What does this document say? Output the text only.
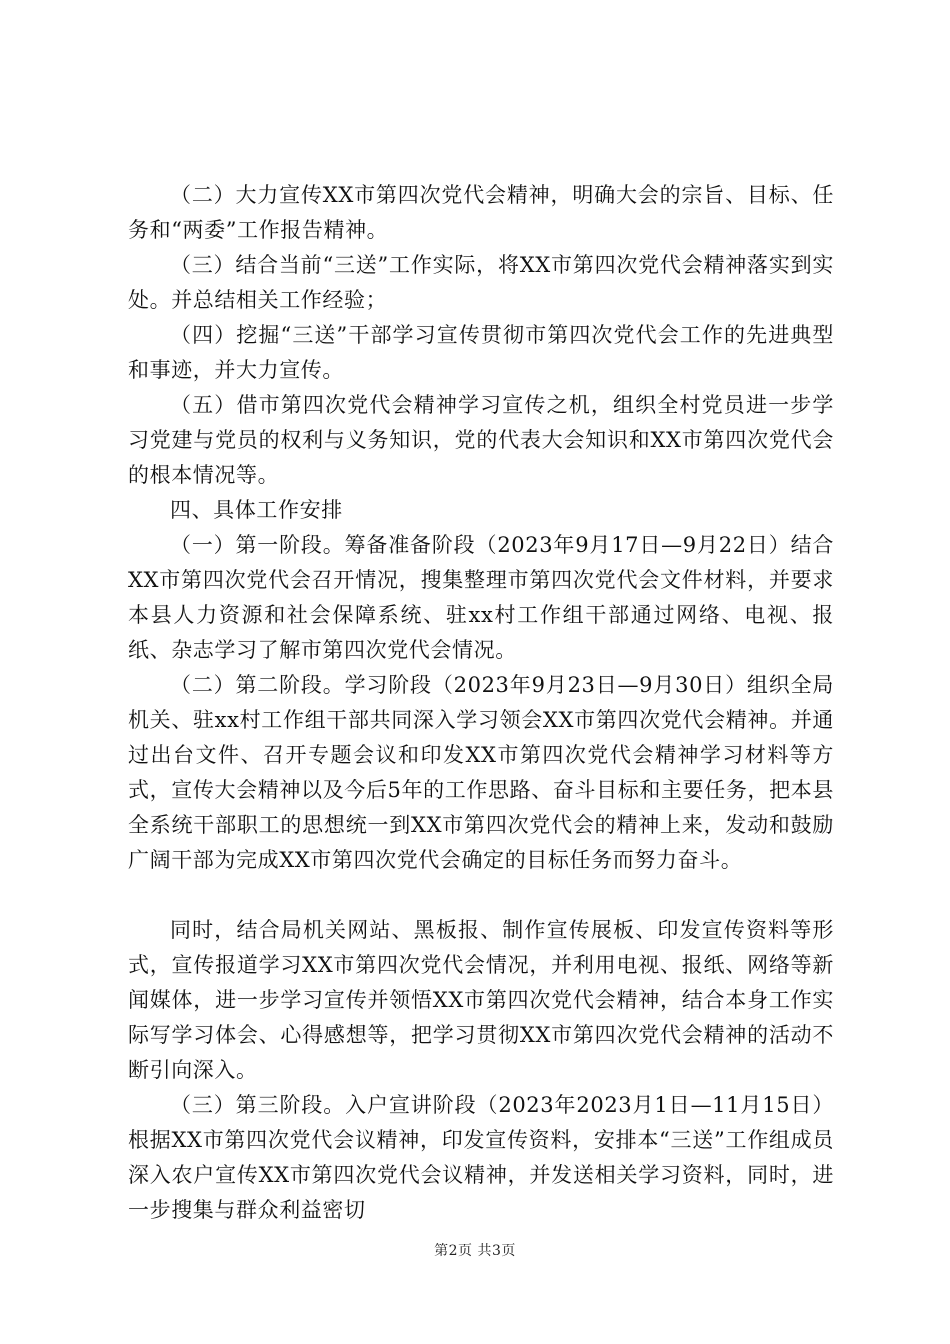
（二）大力宣传XX市第四次党代会精神，明确大会的宗旨、目标、任务和“两委”工作报告精神。

（三）结合当前“三送”工作实际，将XX市第四次党代会精神落实到实处。并总结相关工作经验；

（四）挖掘“三送”干部学习宣传贯彻市第四次党代会工作的先进典型和事迹，并大力宣传。

（五）借市第四次党代会精神学习宣传之机，组织全村党员进一步学习党建与党员的权利与义务知识，党的代表大会知识和XX市第四次党代会的根本情况等。

四、具体工作安排

（一）第一阶段。筹备准备阶段（2023年9月17日—9月22日）结合XX市第四次党代会召开情况，搜集整理市第四次党代会文件材料，并要求本县人力资源和社会保障系统、驻xx村工作组干部通过网络、电视、报纸、杂志学习了解市第四次党代会情况。

（二）第二阶段。学习阶段（2023年9月23日—9月30日）组织全局机关、驻xx村工作组干部共同深入学习领会XX市第四次党代会精神。并通过出台文件、召开专题会议和印发XX市第四次党代会精神学习材料等方式，宣传大会精神以及今后5年的工作思路、奋斗目标和主要任务，把本县全系统干部职工的思想统一到XX市第四次党代会的精神上来，发动和鼓励广阔干部为完成XX市第四次党代会确定的目标任务而努力奋斗。

同时，结合局机关网站、黑板报、制作宣传展板、印发宣传资料等形式，宣传报道学习XX市第四次党代会情况，并利用电视、报纸、网络等新闻媒体，进一步学习宣传并领悟XX市第四次党代会精神，结合本身工作实际写学习体会、心得感想等，把学习贯彻XX市第四次党代会精神的活动不断引向深入。

（三）第三阶段。入户宣讲阶段（2023年2023月1日—11月15日）根据XX市第四次党代会议精神，印发宣传资料，安排本“三送”工作组成员深入农户宣传XX市第四次党代会议精神，并发送相关学习资料，同时，进一步搜集与群众利益密切

第2页 共3页
